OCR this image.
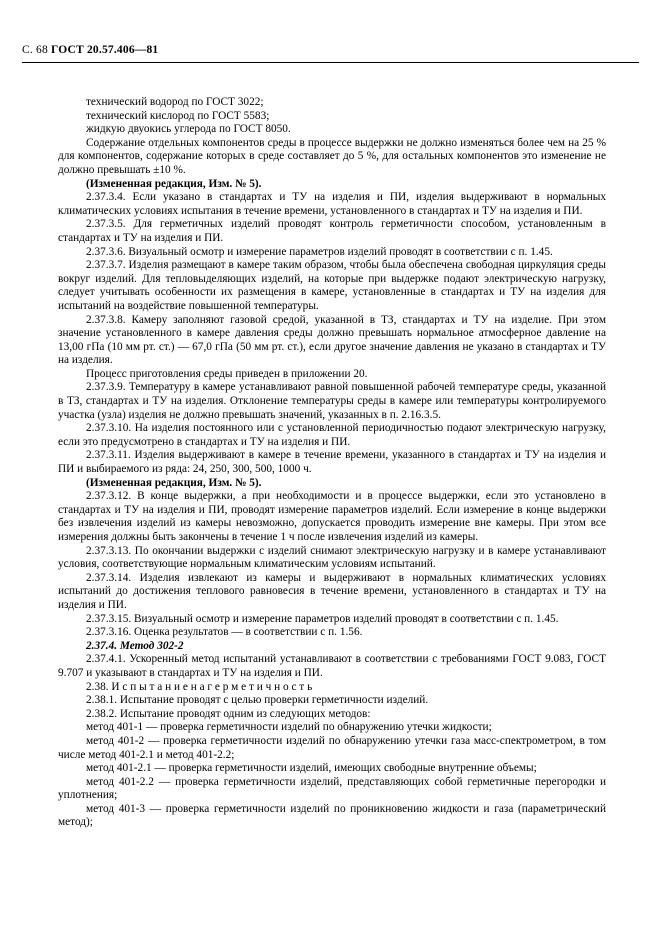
С. 68 ГОСТ 20.57.406—81

технический водород по ГОСТ 3022;

технический кислород по ГОСТ 5583;

жидкую двуокись углерода по ГОСТ 8050.

Содержание отдельных компонентов среды в процессе выдержки не должно изменяться более чем на 25 % для компонентов, содержание которых в среде составляет до 5 %, для остальных компонентов это изменение не должно превышать ±10 %.

(Измененная редакция, Изм. № 5).

2.37.3.4. Если указано в стандартах и ТУ на изделия и ПИ, изделия выдерживают в нормальных климатических условиях испытания в течение времени, установленного в стандартах и ТУ на изделия и ПИ.

2.37.3.5. Для герметичных изделий проводят контроль герметичности способом, установленным в стандартах и ТУ на изделия и ПИ.

2.37.3.6. Визуальный осмотр и измерение параметров изделий проводят в соответствии с п. 1.45.

2.37.3.7. Изделия размещают в камере таким образом, чтобы была обеспечена свободная циркуляция среды вокруг изделий. Для тепловыделяющих изделий, на которые при выдержке подают электрическую нагрузку, следует учитывать особенности их размещения в камере, установленные в стандартах и ТУ на изделия для испытаний на воздействие повышенной температуры.

2.37.3.8. Камеру заполняют газовой средой, указанной в ТЗ, стандартах и ТУ на изделие. При этом значение установленного в камере давления среды должно превышать нормальное атмосферное давление на 13,00 гПа (10 мм рт. ст.) — 67,0 гПа (50 мм рт. ст.), если другое значение давления не указано в стандартах и ТУ на изделия.

Процесс приготовления среды приведен в приложении 20.

2.37.3.9. Температуру в камере устанавливают равной повышенной рабочей температуре среды, указанной в ТЗ, стандартах и ТУ на изделия. Отклонение температуры среды в камере или температуры контролируемого участка (узла) изделия не должно превышать значений, указанных в п. 2.16.3.5.

2.37.3.10. На изделия постоянного или с установленной периодичностью подают электрическую нагрузку, если это предусмотрено в стандартах и ТУ на изделия и ПИ.

2.37.3.11. Изделия выдерживают в камере в течение времени, указанного в стандартах и ТУ на изделия и ПИ и выбираемого из ряда: 24, 250, 300, 500, 1000 ч.

(Измененная редакция, Изм. № 5).

2.37.3.12. В конце выдержки, а при необходимости и в процессе выдержки, если это установлено в стандартах и ТУ на изделия и ПИ, проводят измерение параметров изделий. Если измерение в конце выдержки без извлечения изделий из камеры невозможно, допускается проводить измерение вне камеры. При этом все измерения должны быть закончены в течение 1 ч после извлечения изделий из камеры.

2.37.3.13. По окончании выдержки с изделий снимают электрическую нагрузку и в камере устанавливают условия, соответствующие нормальным климатическим условиям испытаний.

2.37.3.14. Изделия извлекают из камеры и выдерживают в нормальных климатических условиях испытаний до достижения теплового равновесия в течение времени, установленного в стандартах и ТУ на изделия и ПИ.

2.37.3.15. Визуальный осмотр и измерение параметров изделий проводят в соответствии с п. 1.45.

2.37.3.16. Оценка результатов — в соответствии с п. 1.56.

2.37.4. Метод 302-2

2.37.4.1. Ускоренный метод испытаний устанавливают в соответствии с требованиями ГОСТ 9.083, ГОСТ 9.707 и указывают в стандартах и ТУ на изделия и ПИ.

2.38. И с п ы т а н и е н а г е р м е т и ч н о с т ь

2.38.1. Испытание проводят с целью проверки герметичности изделий.

2.38.2. Испытание проводят одним из следующих методов:

метод 401-1 — проверка герметичности изделий по обнаружению утечки жидкости;

метод 401-2 — проверка герметичности изделий по обнаружению утечки газа масс-спектрометром, в том числе метод 401-2.1 и метод 401-2.2;

метод 401-2.1 — проверка герметичности изделий, имеющих свободные внутренние объемы;

метод 401-2.2 — проверка герметичности изделий, представляющих собой герметичные перегородки и уплотнения;

метод 401-3 — проверка герметичности изделий по проникновению жидкости и газа (параметрический метод);
